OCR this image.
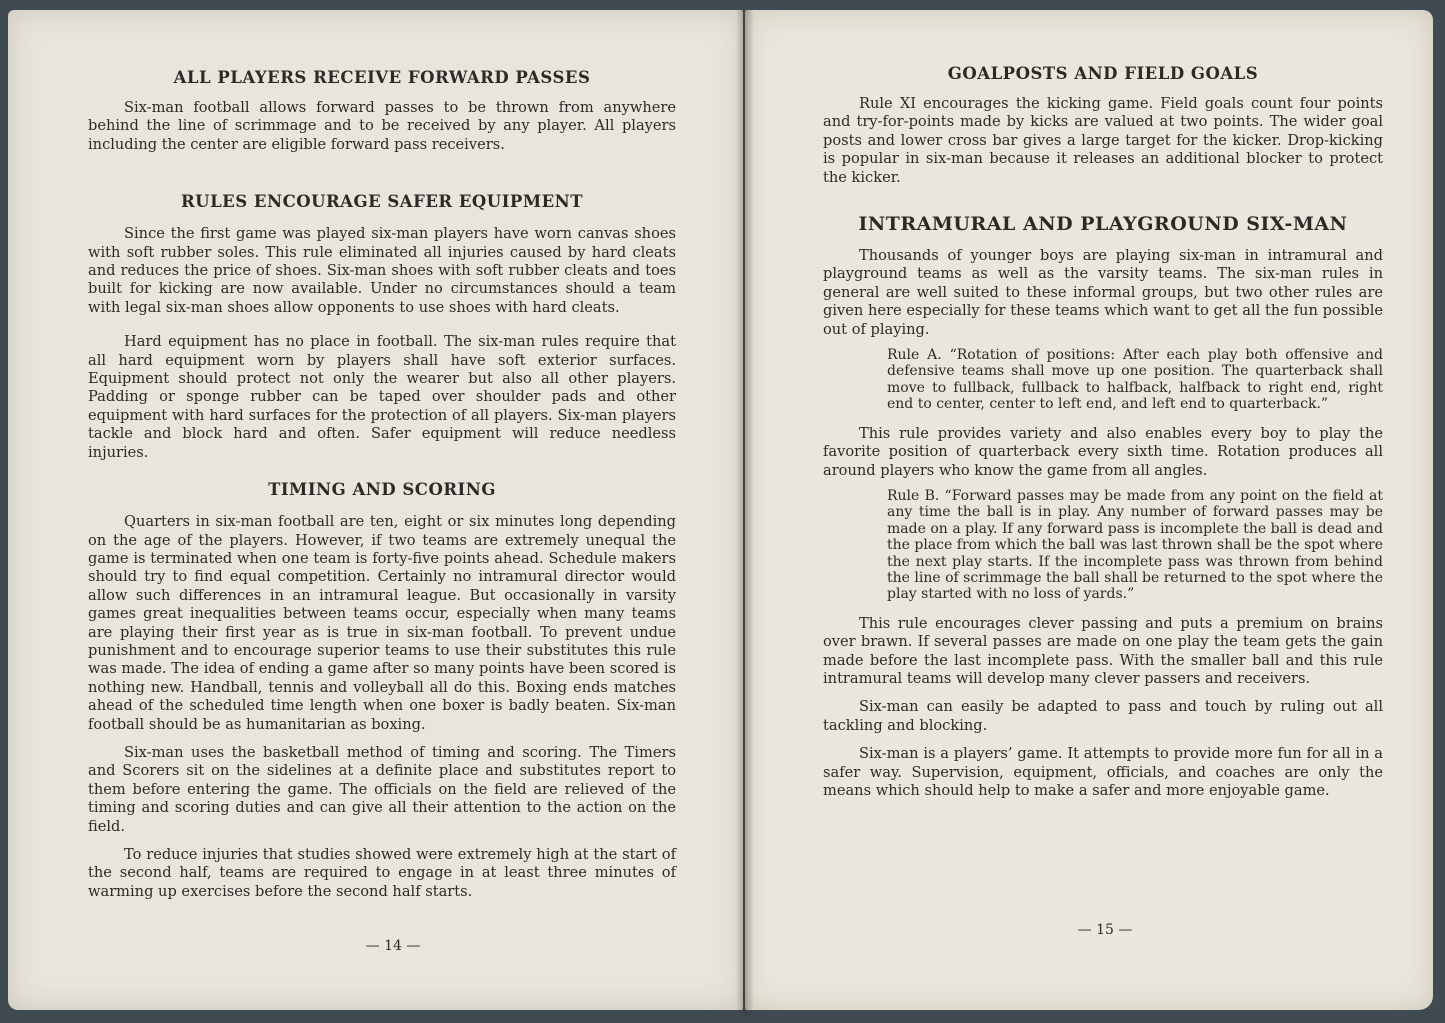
ALL PLAYERS RECEIVE FORWARD PASSES

Six-man football allows forward passes to be thrown from anywhere behind the line of scrimmage and to be received by any player. All players including the center are eligible forward pass receivers.

RULES ENCOURAGE SAFER EQUIPMENT

Since the first game was played six-man players have worn canvas shoes with soft rubber soles. This rule eliminated all injuries caused by hard cleats and reduces the price of shoes. Six-man shoes with soft rubber cleats and toes built for kicking are now available. Under no circumstances should a team with legal six-man shoes allow opponents to use shoes with hard cleats.

Hard equipment has no place in football. The six-man rules require that all hard equipment worn by players shall have soft exterior surfaces. Equipment should protect not only the wearer but also all other players. Padding or sponge rubber can be taped over shoulder pads and other equipment with hard surfaces for the protection of all players. Six-man players tackle and block hard and often. Safer equipment will reduce needless injuries.

TIMING AND SCORING

Quarters in six-man football are ten, eight or six minutes long depending on the age of the players. However, if two teams are extremely unequal the game is terminated when one team is forty-five points ahead. Schedule makers should try to find equal competition. Certainly no intramural director would allow such differences in an intramural league. But occasionally in varsity games great inequalities between teams occur, especially when many teams are playing their first year as is true in six-man football. To prevent undue punishment and to encourage superior teams to use their substitutes this rule was made. The idea of ending a game after so many points have been scored is nothing new. Handball, tennis and volleyball all do this. Boxing ends matches ahead of the scheduled time length when one boxer is badly beaten. Six-man football should be as humanitarian as boxing.

Six-man uses the basketball method of timing and scoring. The Timers and Scorers sit on the sidelines at a definite place and substitutes report to them before entering the game. The officials on the field are relieved of the timing and scoring duties and can give all their attention to the action on the field.

To reduce injuries that studies showed were extremely high at the start of the second half, teams are required to engage in at least three minutes of warming up exercises before the second half starts.

— 14 —
GOALPOSTS AND FIELD GOALS

Rule XI encourages the kicking game. Field goals count four points and try-for-points made by kicks are valued at two points. The wider goal posts and lower cross bar gives a large target for the kicker. Drop-kicking is popular in six-man because it releases an additional blocker to protect the kicker.

INTRAMURAL AND PLAYGROUND SIX-MAN

Thousands of younger boys are playing six-man in intramural and playground teams as well as the varsity teams. The six-man rules in general are well suited to these informal groups, but two other rules are given here especially for these teams which want to get all the fun possible out of playing.

Rule A. “Rotation of positions: After each play both offensive and defensive teams shall move up one position. The quarterback shall move to fullback, fullback to halfback, halfback to right end, right end to center, center to left end, and left end to quarterback.”

This rule provides variety and also enables every boy to play the favorite position of quarterback every sixth time. Rotation produces all around players who know the game from all angles.

Rule B. “Forward passes may be made from any point on the field at any time the ball is in play. Any number of forward passes may be made on a play. If any forward pass is incomplete the ball is dead and the place from which the ball was last thrown shall be the spot where the next play starts. If the incomplete pass was thrown from behind the line of scrimmage the ball shall be returned to the spot where the play started with no loss of yards.”

This rule encourages clever passing and puts a premium on brains over brawn. If several passes are made on one play the team gets the gain made before the last incomplete pass. With the smaller ball and this rule intramural teams will develop many clever passers and receivers.

Six-man can easily be adapted to pass and touch by ruling out all tackling and blocking.

Six-man is a players’ game. It attempts to provide more fun for all in a safer way. Supervision, equipment, officials, and coaches are only the means which should help to make a safer and more enjoyable game.

— 15 —
